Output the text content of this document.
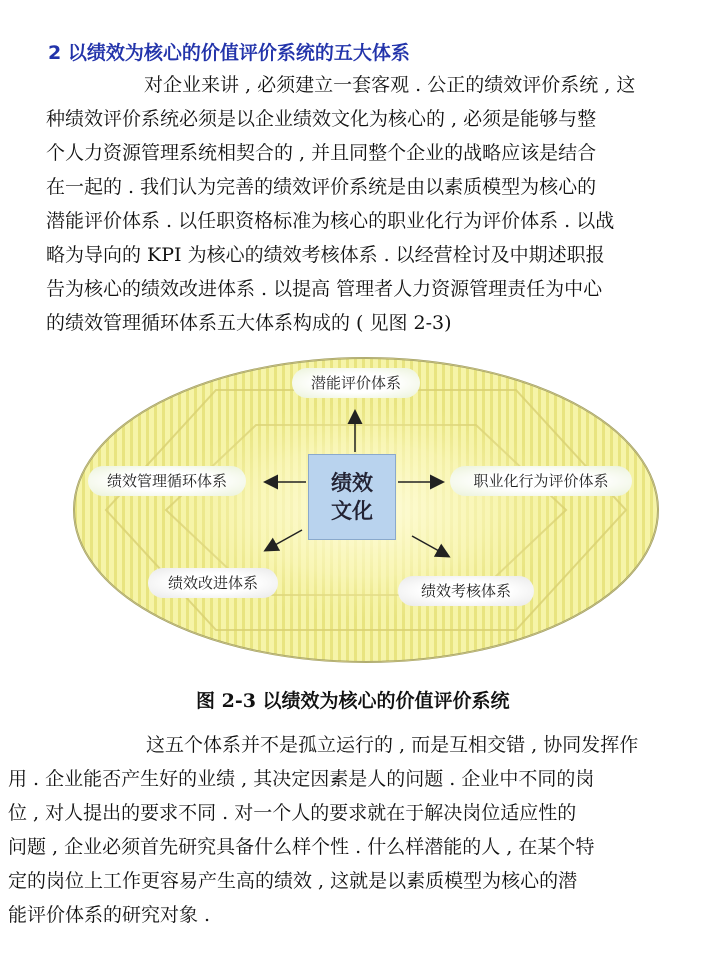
2 以绩效为核心的价值评价系统的五大体系
对企业来讲 , 必须建立一套客观 . 公正的绩效评价系统 , 这
种绩效评价系统必须是以企业绩效文化为核心的 , 必须是能够与整
个人力资源管理系统相契合的 , 并且同整个企业的战略应该是结合
在一起的 . 我们认为完善的绩效评价系统是由以素质模型为核心的
潜能评价体系 . 以任职资格标准为核心的职业化行为评价体系 . 以战
略为导向的 KPI 为核心的绩效考核体系 . 以经营栓讨及中期述职报
告为核心的绩效改进体系 . 以提高 管理者人力资源管理责任为中心
的绩效管理循环体系五大体系构成的 ( 见图 2-3)
潜能评价体系
绩效管理循环体系	职业化行为评价体系
绩效改进体系	绩效考核体系
绩效
文化
图 2-3 以绩效为核心的价值评价系统
这五个体系并不是孤立运行的 , 而是互相交错 , 协同发挥作
用 . 企业能否产生好的业绩 , 其决定因素是人的问题 . 企业中不同的岗
位 , 对人提出的要求不同 . 对一个人的要求就在于解决岗位适应性的
问题 , 企业必须首先研究具备什么样个性 . 什么样潜能的人 , 在某个特
定的岗位上工作更容易产生高的绩效 , 这就是以素质模型为核心的潜
能评价体系的研究对象 .
